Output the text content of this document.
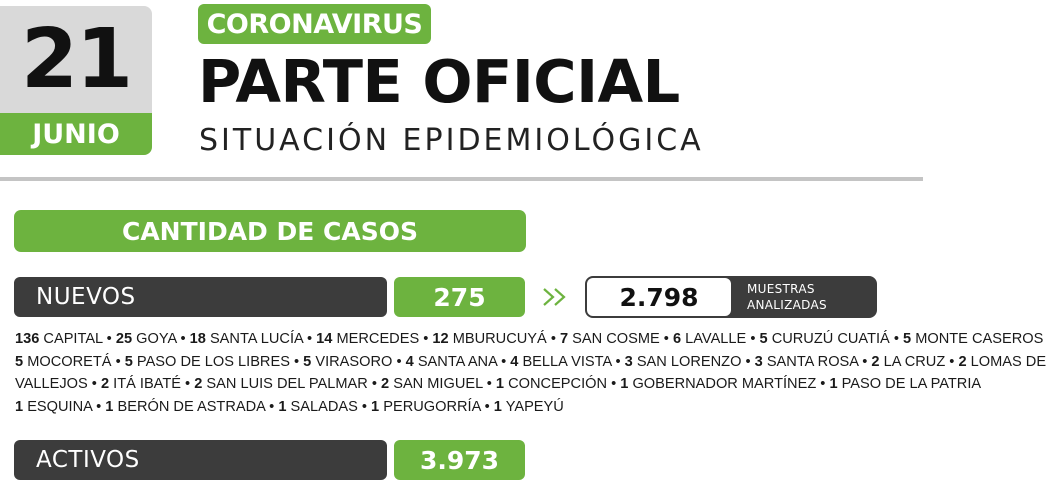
21
JUNIO
CORONAVIRUS
PARTE OFICIAL
SITUACIÓN EPIDEMIOLÓGICA
CANTIDAD DE CASOS
NUEVOS	275	2.798	MUESTRAS
ANALIZADAS
136 CAPITAL • 25 GOYA • 18 SANTA LUCÍA • 14 MERCEDES • 12 MBURUCUYÁ • 7 SAN COSME • 6 LAVALLE • 5 CURUZÚ CUATIÁ • 5 MONTE CASEROS
5 MOCORETÁ • 5 PASO DE LOS LIBRES • 5 VIRASORO • 4 SANTA ANA • 4 BELLA VISTA • 3 SAN LORENZO • 3 SANTA ROSA • 2 LA CRUZ • 2 LOMAS DE
VALLEJOS • 2 ITÁ IBATÉ • 2 SAN LUIS DEL PALMAR • 2 SAN MIGUEL • 1 CONCEPCIÓN • 1 GOBERNADOR MARTÍNEZ • 1 PASO DE LA PATRIA
1 ESQUINA • 1 BERÓN DE ASTRADA • 1 SALADAS • 1 PERUGORRÍA • 1 YAPEYÚ
ACTIVOS	3.973
